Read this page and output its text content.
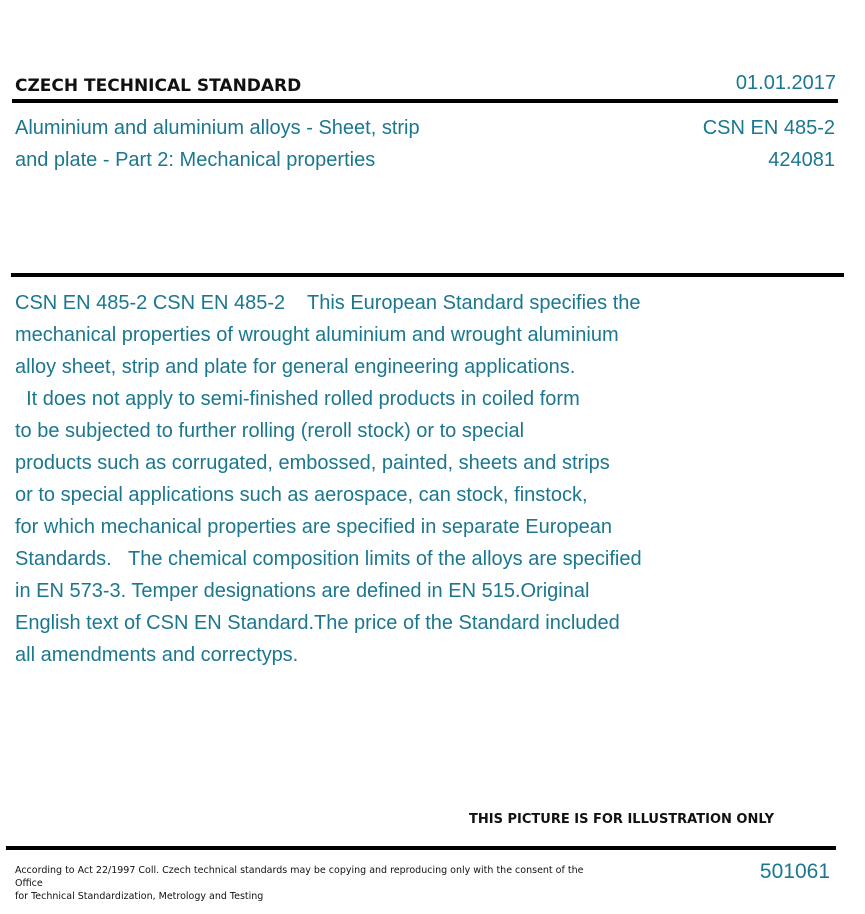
CZECH TECHNICAL STANDARD	01.01.2017
Aluminium and aluminium alloys - Sheet, strip
and plate - Part 2: Mechanical properties
CSN EN 485-2
424081
CSN EN 485-2 CSN EN 485-2    This European Standard specifies the
mechanical properties of wrought aluminium and wrought aluminium
alloy sheet, strip and plate for general engineering applications.
It does not apply to semi-finished rolled products in coiled form
to be subjected to further rolling (reroll stock) or to special
products such as corrugated, embossed, painted, sheets and strips
or to special applications such as aerospace, can stock, finstock,
for which mechanical properties are specified in separate European
Standards.   The chemical composition limits of the alloys are specified
in EN 573-3. Temper designations are defined in EN 515.Original
English text of CSN EN Standard.The price of the Standard included
all amendments and correctурs.
THIS PICTURE IS FOR ILLUSTRATION ONLY
According to Act 22/1997 Coll. Czech technical standards may be copying and reproducing only with the consent of the Office
for Technical Standardization, Metrology and Testing
501061
